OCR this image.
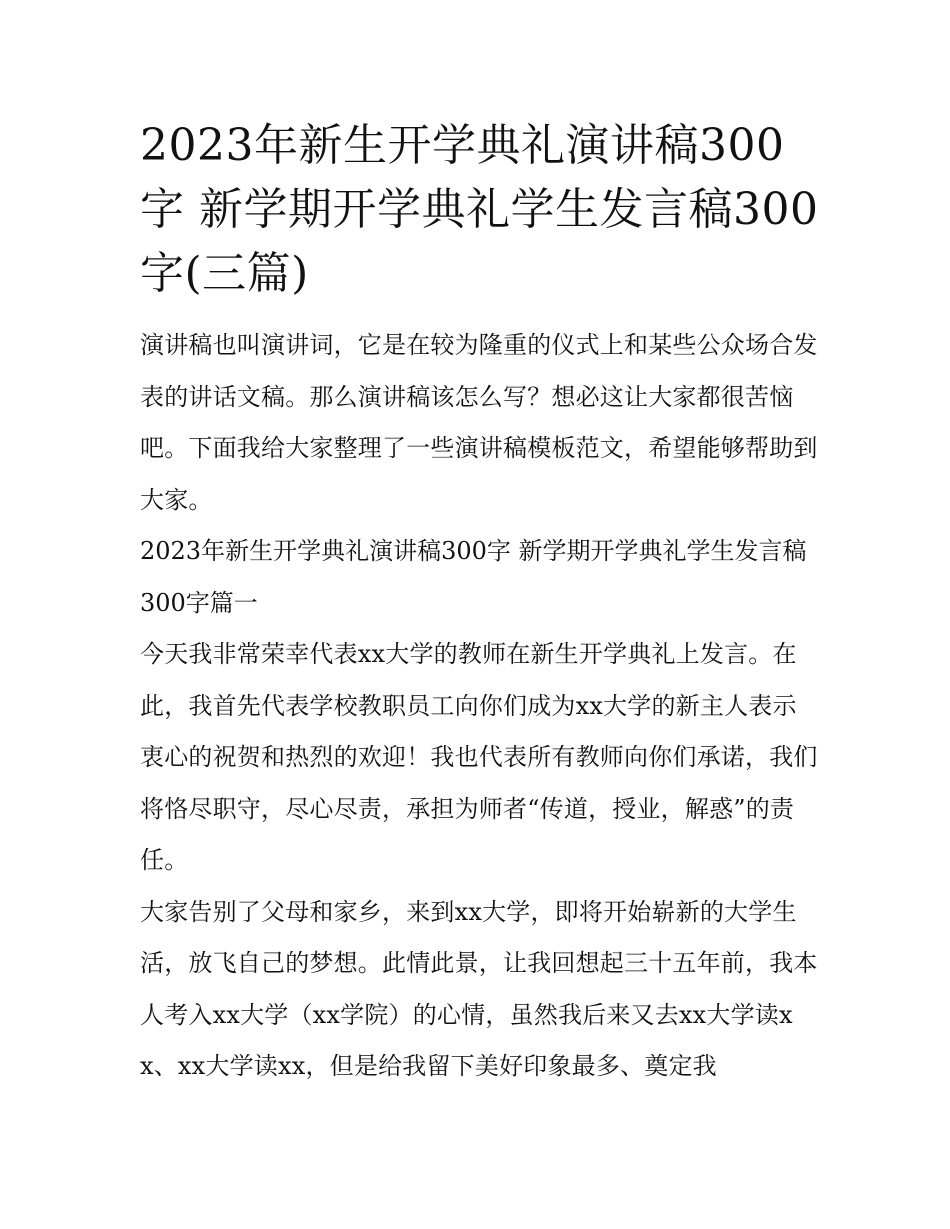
2023年新生开学典礼演讲稿300字 新学期开学典礼学生发言稿300字(三篇)

演讲稿也叫演讲词，它是在较为隆重的仪式上和某些公众场合发表的讲话文稿。那么演讲稿该怎么写？想必这让大家都很苦恼吧。下面我给大家整理了一些演讲稿模板范文，希望能够帮助到大家。

2023年新生开学典礼演讲稿300字 新学期开学典礼学生发言稿300字篇一

今天我非常荣幸代表xx大学的教师在新生开学典礼上发言。在此，我首先代表学校教职员工向你们成为xx大学的新主人表示衷心的祝贺和热烈的欢迎！我也代表所有教师向你们承诺，我们将恪尽职守，尽心尽责，承担为师者“传道，授业，解惑”的责任。

大家告别了父母和家乡，来到xx大学，即将开始崭新的大学生活，放飞自己的梦想。此情此景，让我回想起三十五年前，我本人考入xx大学（xx学院）的心情，虽然我后来又去xx大学读xx、xx大学读xx，但是给我留下美好印象最多、奠定我
